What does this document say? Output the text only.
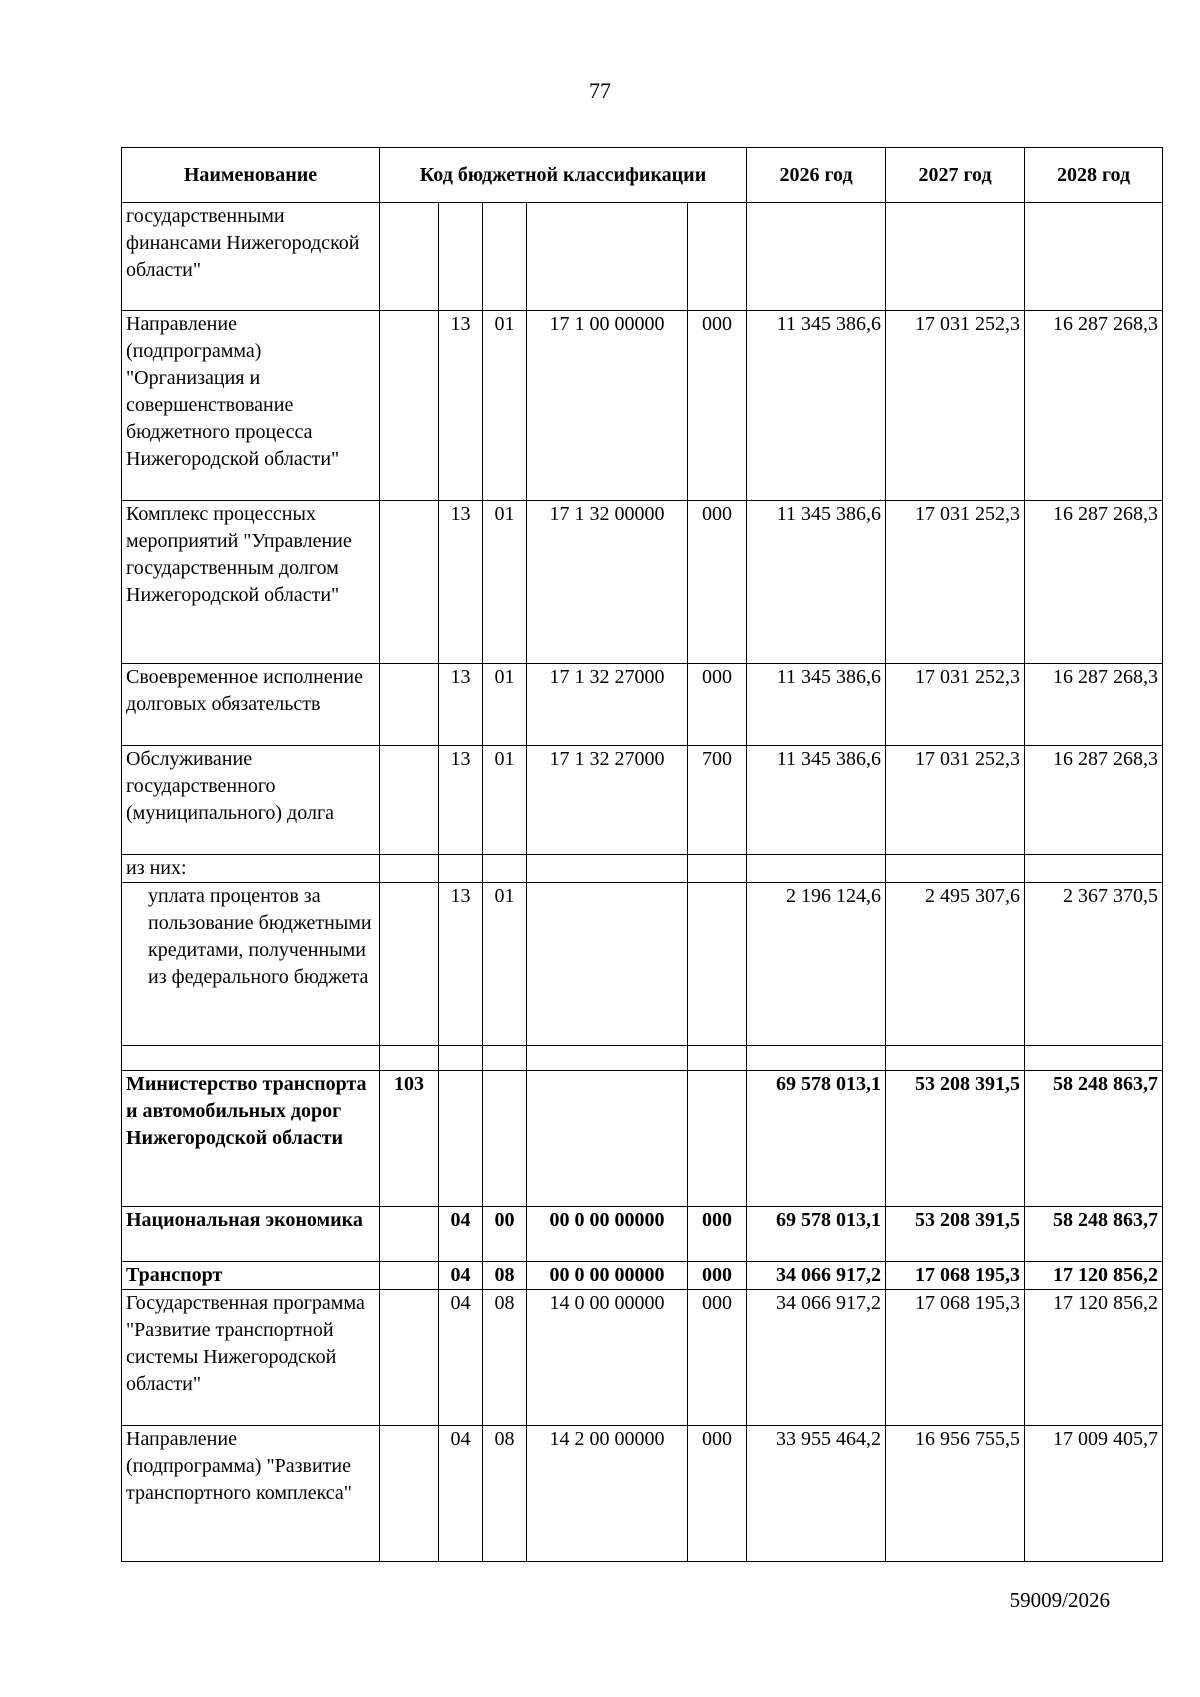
77
Наименование	Код бюджетной классификации					2026 год	2027 год	2028 год
государственными финансами Нижегородской области"								
Направление (подпрограмма) "Организация и совершенствование бюджетного процесса Нижегородской области"		13	01	17 1 00 00000	000	11 345 386,6	17 031 252,3	16 287 268,3
Комплекс процессных мероприятий "Управление государственным долгом Нижегородской области"		13	01	17 1 32 00000	000	11 345 386,6	17 031 252,3	16 287 268,3
Своевременное исполнение долговых обязательств		13	01	17 1 32 27000	000	11 345 386,6	17 031 252,3	16 287 268,3
Обслуживание государственного (муниципального) долга		13	01	17 1 32 27000	700	11 345 386,6	17 031 252,3	16 287 268,3
из них:								
уплата процентов за пользование бюджетными кредитами, полученными из федерального бюджета		13	01			2 196 124,6	2 495 307,6	2 367 370,5

Министерство транспорта и автомобильных дорог Нижегородской области	103					69 578 013,1	53 208 391,5	58 248 863,7
Национальная экономика		04	00	00 0 00 00000	000	69 578 013,1	53 208 391,5	58 248 863,7
Транспорт		04	08	00 0 00 00000	000	34 066 917,2	17 068 195,3	17 120 856,2
Государственная программа "Развитие транспортной системы Нижегородской области"		04	08	14 0 00 00000	000	34 066 917,2	17 068 195,3	17 120 856,2
Направление (подпрограмма) "Развитие транспортного комплекса"		04	08	14 2 00 00000	000	33 955 464,2	16 956 755,5	17 009 405,7
59009/2026
